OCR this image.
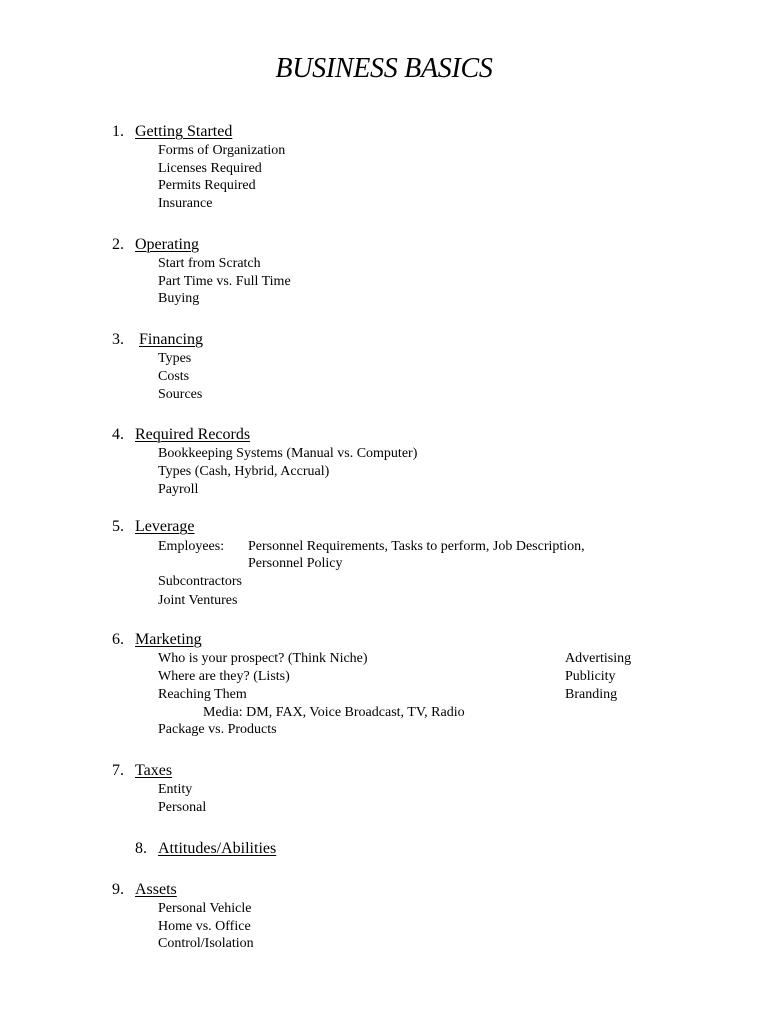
BUSINESS BASICS
1. Getting Started
Forms of Organization
Licenses Required
Permits Required
Insurance
2. Operating
Start from Scratch
Part Time vs. Full Time
Buying
3. Financing
Types
Costs
Sources
4. Required Records
Bookkeeping Systems (Manual vs. Computer)
Types (Cash, Hybrid, Accrual)
Payroll
5. Leverage
Employees: Personnel Requirements, Tasks to perform, Job Description,
Personnel Policy
Subcontractors
Joint Ventures
6. Marketing
Who is your prospect? (Think Niche)
Where are they? (Lists)
Reaching Them
Media: DM, FAX, Voice Broadcast, TV, Radio
Package vs. Products
Advertising
Publicity
Branding
7. Taxes
Entity
Personal
8. Attitudes/Abilities
9. Assets
Personal Vehicle
Home vs. Office
Control/Isolation
